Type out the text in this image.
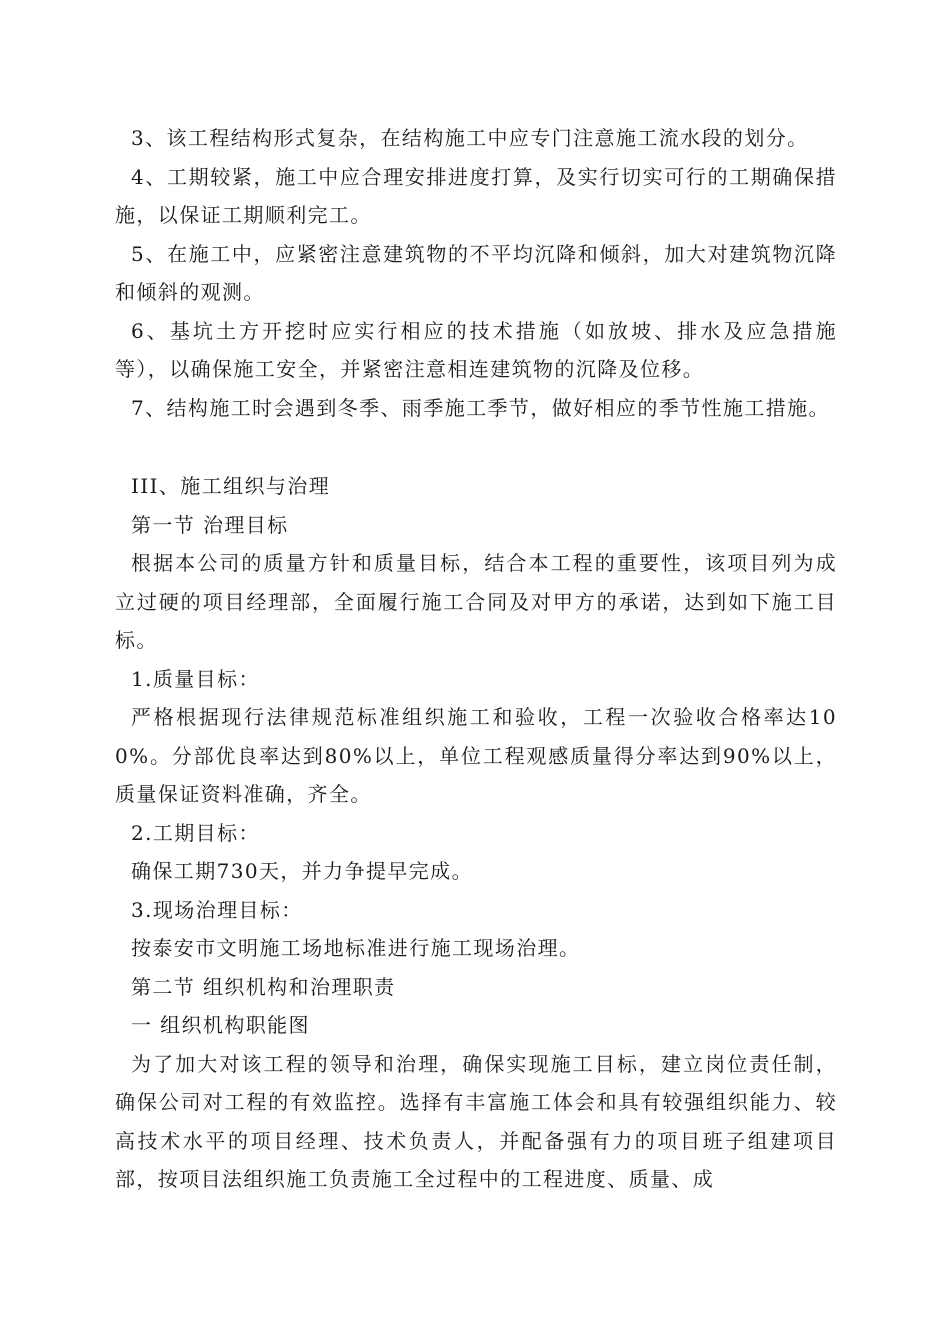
3、该工程结构形式复杂，在结构施工中应专门注意施工流水段的划分。

4、工期较紧，施工中应合理安排进度打算，及实行切实可行的工期确保措施，以保证工期顺利完工。

5、在施工中，应紧密注意建筑物的不平均沉降和倾斜，加大对建筑物沉降和倾斜的观测。

6、基坑土方开挖时应实行相应的技术措施（如放坡、排水及应急措施等），以确保施工安全，并紧密注意相连建筑物的沉降及位移。

7、结构施工时会遇到冬季、雨季施工季节，做好相应的季节性施工措施。

III、施工组织与治理

第一节 治理目标

根据本公司的质量方针和质量目标，结合本工程的重要性，该项目列为成立过硬的项目经理部，全面履行施工合同及对甲方的承诺，达到如下施工目标。

1.质量目标：

严格根据现行法律规范标准组织施工和验收，工程一次验收合格率达100%。分部优良率达到80%以上，单位工程观感质量得分率达到90%以上，质量保证资料准确，齐全。

2.工期目标：

确保工期730天，并力争提早完成。

3.现场治理目标：

按泰安市文明施工场地标准进行施工现场治理。

第二节 组织机构和治理职责

一 组织机构职能图

为了加大对该工程的领导和治理，确保实现施工目标，建立岗位责任制，确保公司对工程的有效监控。选择有丰富施工体会和具有较强组织能力、较高技术水平的项目经理、技术负责人，并配备强有力的项目班子组建项目部，按项目法组织施工负责施工全过程中的工程进度、质量、成
